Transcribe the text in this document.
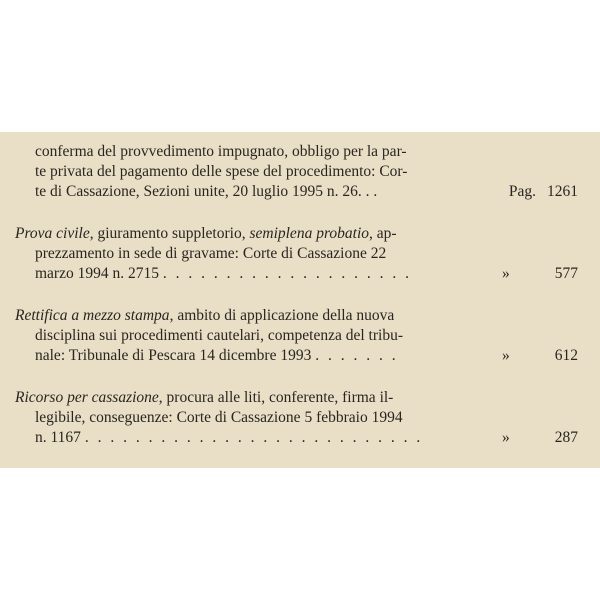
conferma del provvedimento impugnato, obbligo per la par-
te privata del pagamento delle spese del procedimento: Cor-
te di Cassazione, Sezioni unite, 20 luglio 1995 n. 26. . .	Pag. 1261
Prova civile, giuramento suppletorio, semiplena probatio, ap-
prezzamento in sede di gravame: Corte di Cassazione 22
marzo 1994 n. 2715 . . . . . . . . . . . . . . . . . . . .	»	577
Rettifica a mezzo stampa, ambito di applicazione della nuova
disciplina sui procedimenti cautelari, competenza del tribu-
nale: Tribunale di Pescara 14 dicembre 1993 . . . . . . .	»	612
Ricorso per cassazione, procura alle liti, conferente, firma il-
legibile, conseguenze: Corte di Cassazione 5 febbraio 1994
n. 1167 . . . . . . . . . . . . . . . . . . . . . . . . . . .	»	287
